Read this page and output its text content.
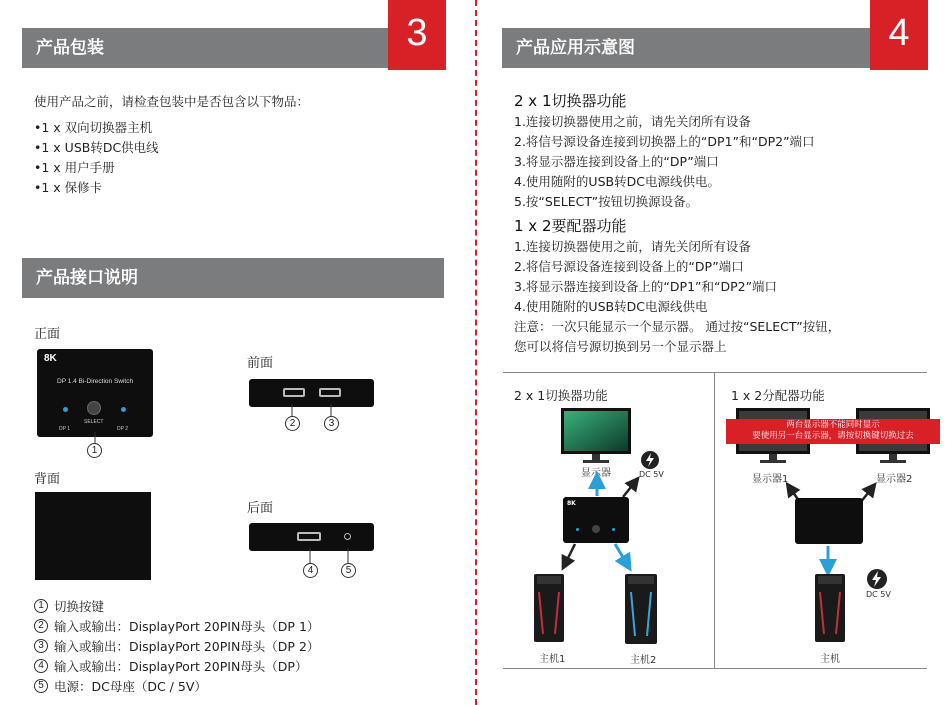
产品包装	3
使用产品之前，请检查包装中是否包含以下物品：
•1 x 双向切换器主机
•1 x USB转DC供电线
•1 x 用户手册
•1 x 保修卡
产品接口说明
正面
前面
背面
后面
8K
DP 1.4 Bi-Direction Switch
SELECT
DP 1	DP 2
1
2	3
4	5
1 切换按键
2 输入或输出：DisplayPort 20PIN母头（DP 1）
3 输入或输出：DisplayPort 20PIN母头（DP 2）
4 输入或输出：DisplayPort 20PIN母头（DP）
5 电源：DC母座（DC / 5V）
产品应用示意图	4
2 x 1切换器功能
1.连接切换器使用之前，请先关闭所有设备
2.将信号源设备连接到切换器上的“DP1”和“DP2”端口
3.将显示器连接到设备上的“DP”端口
4.使用随附的USB转DC电源线供电。
5.按“SELECT”按钮切换源设备。
1 x 2要配器功能
1.连接切换器使用之前，请先关闭所有设备
2.将信号源设备连接到设备上的“DP”端口
3.将显示器连接到设备上的“DP1”和“DP2”端口
4.使用随附的USB转DC电源线供电
注意：一次只能显示一个显示器。 通过按“SELECT”按钮，
您可以将信号源切换到另一个显示器上
2 x 1切换器功能	1 x 2分配器功能
显示器	DC 5V
8K
主机1	主机2
两台显示器不能同时显示
要使用另一台显示器，请按切换键切换过去
显示器1	显示器2
主机
DC 5V
